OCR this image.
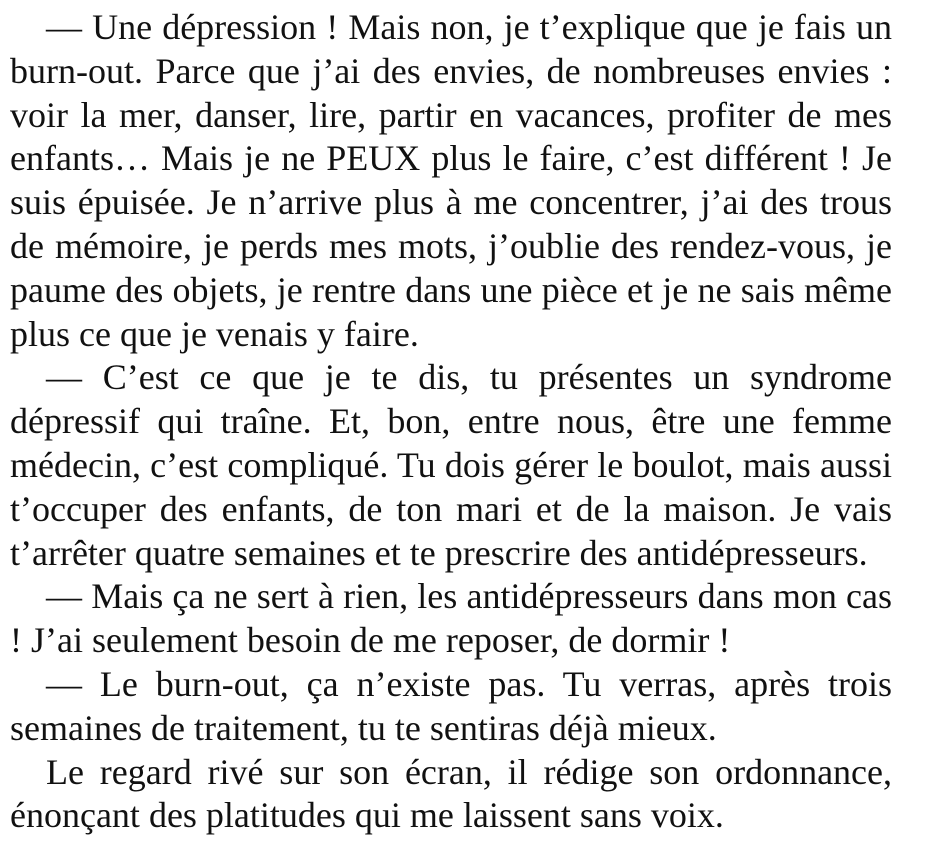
— Une dépression ! Mais non, je t’explique que je fais un burn-out. Parce que j’ai des envies, de nombreuses envies : voir la mer, danser, lire, partir en vacances, profiter de mes enfants… Mais je ne PEUX plus le faire, c’est différent ! Je suis épuisée. Je n’arrive plus à me concentrer, j’ai des trous de mémoire, je perds mes mots, j’oublie des rendez-vous, je paume des objets, je rentre dans une pièce et je ne sais même plus ce que je venais y faire.

— C’est ce que je te dis, tu présentes un syndrome dépressif qui traîne. Et, bon, entre nous, être une femme médecin, c’est compliqué. Tu dois gérer le boulot, mais aussi t’occuper des enfants, de ton mari et de la maison. Je vais t’arrêter quatre semaines et te prescrire des antidépresseurs.

— Mais ça ne sert à rien, les antidépresseurs dans mon cas ! J’ai seulement besoin de me reposer, de dormir !

— Le burn-out, ça n’existe pas. Tu verras, après trois semaines de traitement, tu te sentiras déjà mieux.

Le regard rivé sur son écran, il rédige son ordonnance, énonçant des platitudes qui me laissent sans voix.
